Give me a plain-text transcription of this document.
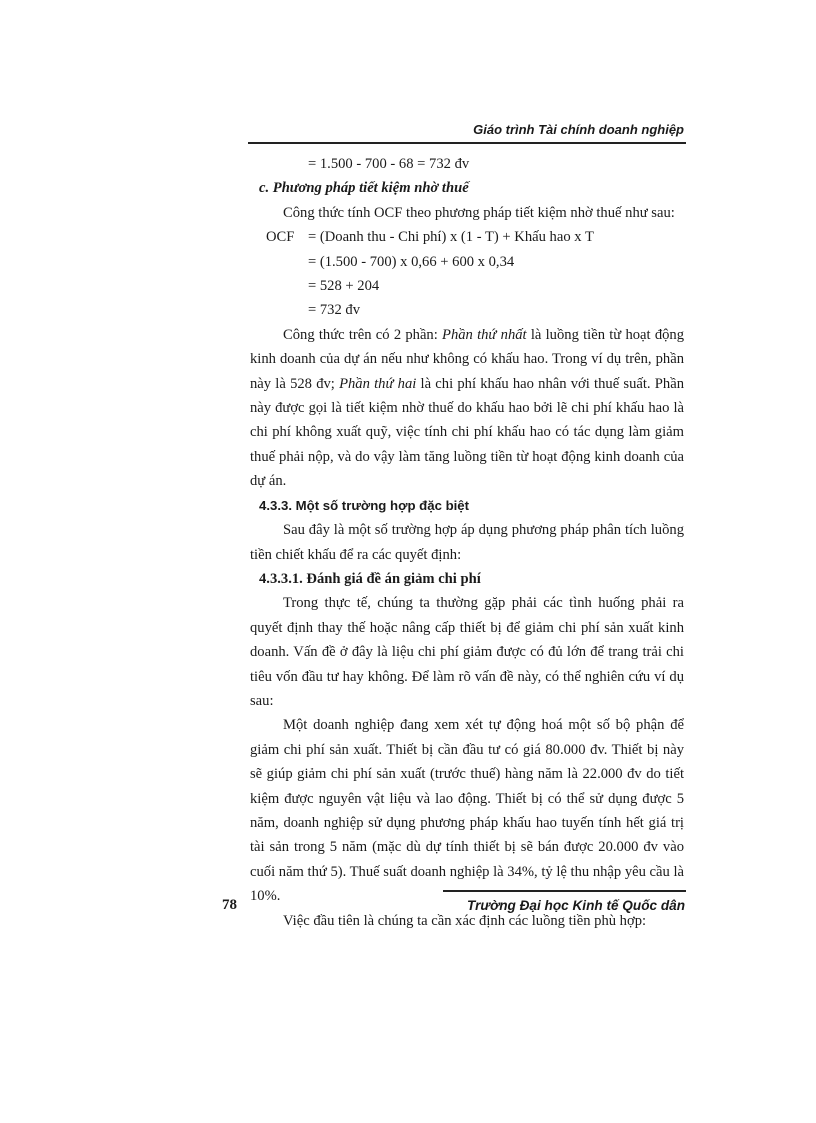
Giáo trình Tài chính doanh nghiệp
= 1.500 - 700 - 68 = 732 đv
c. Phương pháp tiết kiệm nhờ thuế
Công thức tính OCF theo phương pháp tiết kiệm nhờ thuế như sau:
OCF = (Doanh thu - Chi phí) x (1 - T) + Khấu hao x T
= (1.500 - 700) x 0,66 + 600 x 0,34
= 528 + 204
= 732 đv

Công thức trên có 2 phần: Phần thứ nhất là luồng tiền từ hoạt động kinh doanh của dự án nếu như không có khấu hao. Trong ví dụ trên, phần này là 528 đv; Phần thứ hai là chi phí khấu hao nhân với thuế suất. Phần này được gọi là tiết kiệm nhờ thuế do khấu hao bởi lẽ chi phí khấu hao là chi phí không xuất quỹ, việc tính chi phí khấu hao có tác dụng làm giảm thuế phải nộp, và do vậy làm tăng luồng tiền từ hoạt động kinh doanh của dự án.

4.3.3. Một số trường hợp đặc biệt

Sau đây là một số trường hợp áp dụng phương pháp phân tích luồng tiền chiết khấu để ra các quyết định:

4.3.3.1. Đánh giá đề án giảm chi phí

Trong thực tế, chúng ta thường gặp phải các tình huống phải ra quyết định thay thế hoặc nâng cấp thiết bị để giảm chi phí sản xuất kinh doanh. Vấn đề ở đây là liệu chi phí giảm được có đủ lớn để trang trải chi tiêu vốn đầu tư hay không. Để làm rõ vấn đề này, có thể nghiên cứu ví dụ sau:

Một doanh nghiệp đang xem xét tự động hoá một số bộ phận để giảm chi phí sản xuất. Thiết bị cần đầu tư có giá 80.000 đv. Thiết bị này sẽ giúp giảm chi phí sản xuất (trước thuế) hàng năm là 22.000 đv do tiết kiệm được nguyên vật liệu và lao động. Thiết bị có thể sử dụng được 5 năm, doanh nghiệp sử dụng phương pháp khấu hao tuyến tính hết giá trị tài sản trong 5 năm (mặc dù dự tính thiết bị sẽ bán được 20.000 đv vào cuối năm thứ 5). Thuế suất doanh nghiệp là 34%, tỷ lệ thu nhập yêu cầu là 10%.

Việc đầu tiên là chúng ta cần xác định các luồng tiền phù hợp:

78	Trường Đại học Kinh tế Quốc dân
